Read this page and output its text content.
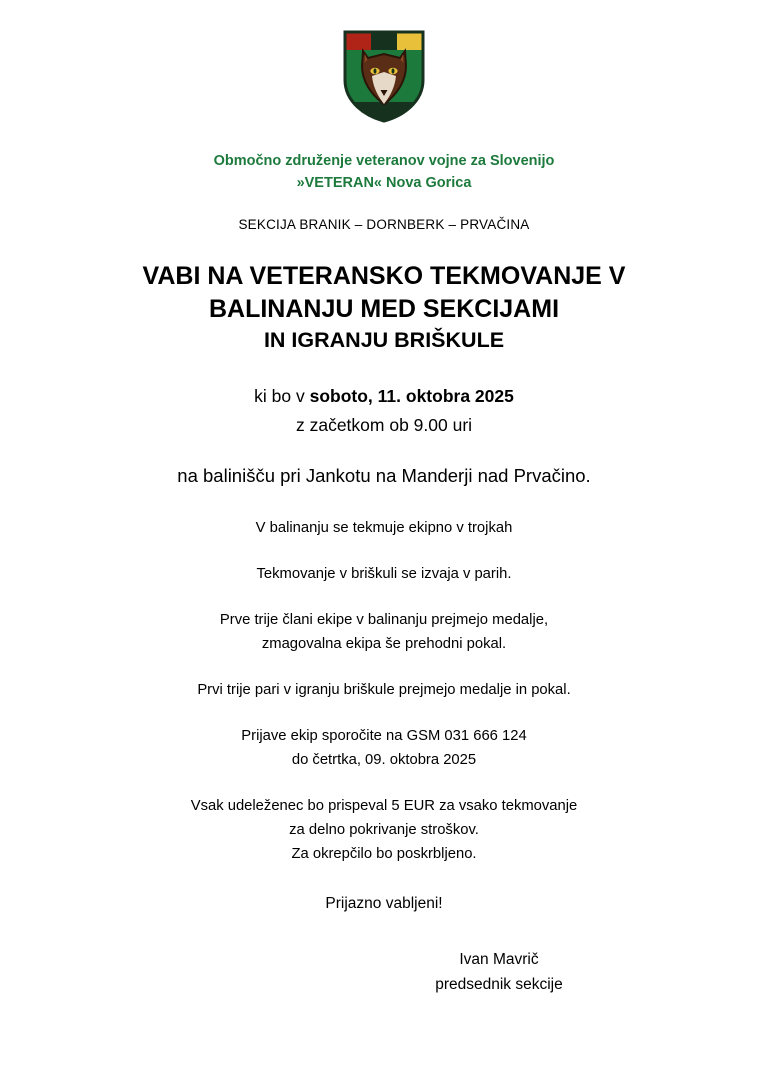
Območno združenje veteranov vojne za Slovenijo
»VETERAN« Nova Gorica
SEKCIJA BRANIK – DORNBERK – PRVAČINA
VABI NA VETERANSKO TEKMOVANJE V
BALINANJU MED SEKCIJAMI
IN IGRANJU BRIŠKULE
ki bo v soboto, 11. oktobra 2025
z začetkom ob 9.00 uri
na balinišču pri Jankotu na Manderji nad Prvačino.
V balinanju se tekmuje ekipno v trojkah
Tekmovanje v briškuli se izvaja v parih.
Prve trije člani ekipe v balinanju prejmejo medalje,
zmagovalna ekipa še prehodni pokal.
Prvi trije pari v igranju briškule prejmejo medalje in pokal.
Prijave ekip sporočite na GSM 031 666 124
do četrtka, 09. oktobra 2025
Vsak udeleženec bo prispeval 5 EUR za vsako tekmovanje
za delno pokrivanje stroškov.
Za okrepčilo bo poskrbljeno.
Prijazno vabljeni!
Ivan Mavrič
predsednik sekcije
